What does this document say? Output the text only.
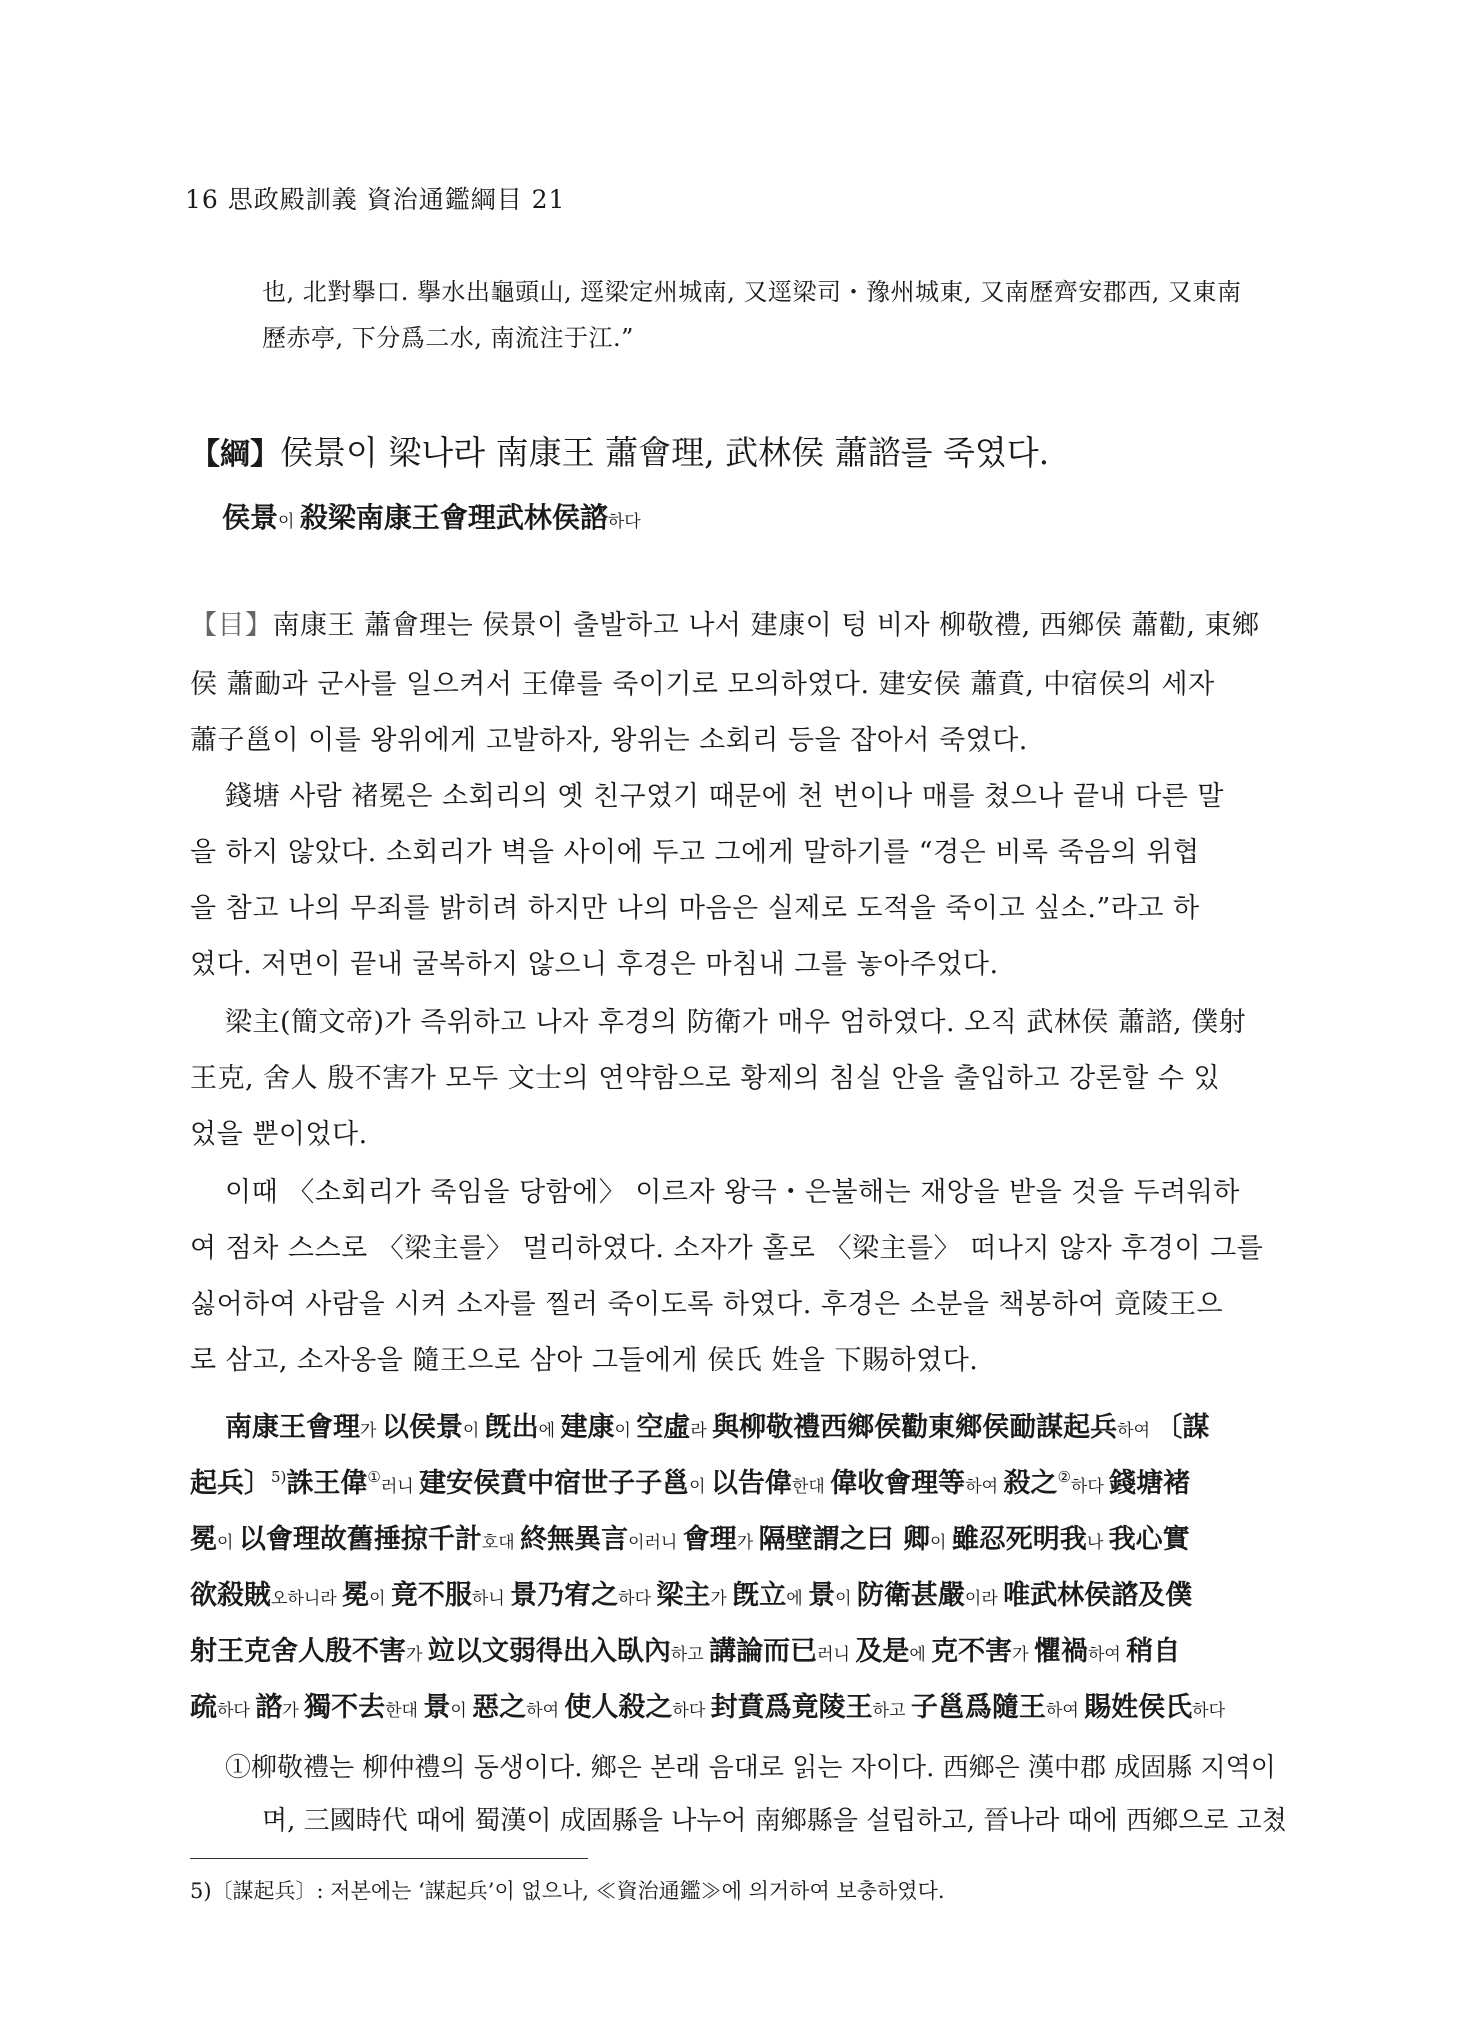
16 思政殿訓義 資治通鑑綱目 21
也, 北對擧口. 擧水出龜頭山, 逕梁定州城南, 又逕梁司・豫州城東, 又南歷齊安郡西, 又東南
歷赤亭, 下分爲二水, 南流注于江.”
【綱】侯景이 梁나라 南康王 蕭會理, 武林侯 蕭諮를 죽였다.
侯景이 殺梁南康王會理武林侯諮하다
【目】南康王 蕭會理는 侯景이 출발하고 나서 建康이 텅 비자 柳敬禮, 西鄉侯 蕭勸, 東鄉
侯 蕭勔과 군사를 일으켜서 王偉를 죽이기로 모의하였다. 建安侯 蕭賁, 中宿侯의 세자
蕭子邕이 이를 왕위에게 고발하자, 왕위는 소회리 등을 잡아서 죽였다.
錢塘 사람 褚冕은 소회리의 옛 친구였기 때문에 천 번이나 매를 쳤으나 끝내 다른 말
을 하지 않았다. 소회리가 벽을 사이에 두고 그에게 말하기를 “경은 비록 죽음의 위협
을 참고 나의 무죄를 밝히려 하지만 나의 마음은 실제로 도적을 죽이고 싶소.”라고 하
였다. 저면이 끝내 굴복하지 않으니 후경은 마침내 그를 놓아주었다.
梁主(簡文帝)가 즉위하고 나자 후경의 防衛가 매우 엄하였다. 오직 武林侯 蕭諮, 僕射
王克, 舍人 殷不害가 모두 文士의 연약함으로 황제의 침실 안을 출입하고 강론할 수 있
었을 뿐이었다.
이때 〈소회리가 죽임을 당함에〉 이르자 왕극・은불해는 재앙을 받을 것을 두려워하
여 점차 스스로 〈梁主를〉 멀리하였다. 소자가 홀로 〈梁主를〉 떠나지 않자 후경이 그를
싫어하여 사람을 시켜 소자를 찔러 죽이도록 하였다. 후경은 소분을 책봉하여 竟陵王으
로 삼고, 소자옹을 隨王으로 삼아 그들에게 侯氏 姓을 下賜하였다.
南康王會理가 以侯景이 旣出에 建康이 空虛라 與柳敬禮西鄉侯勸東鄉侯勔謀起兵하여 〔謀
起兵〕$^{5)}$誅王偉①러니 建安侯賁中宿世子子邕이 以告偉한대 偉收會理等하여 殺之②하다 錢塘褚
冕이 以會理故舊捶掠千計호대 終無異言이러니 會理가 隔壁謂之曰 卿이 雖忍死明我나 我心實
欲殺賊오하니라 冕이 竟不服하니 景乃宥之하다 梁主가 旣立에 景이 防衛甚嚴이라 唯武林侯諮及僕
射王克舍人殷不害가 竝以文弱得出入臥內하고 講論而已러니 及是에 克不害가 懼禍하여 稍自
疏하다 諮가 獨不去한대 景이 惡之하여 使人殺之하다 封賁爲竟陵王하고 子邕爲隨王하여 賜姓侯氏하다
①柳敬禮는 柳仲禮의 동생이다. 鄉은 본래 음대로 읽는 자이다. 西鄉은 漢中郡 成固縣 지역이
며, 三國時代 때에 蜀漢이 成固縣을 나누어 南鄉縣을 설립하고, 晉나라 때에 西鄉으로 고쳤
5)〔謀起兵〕: 저본에는 ‘謀起兵’이 없으나, ≪資治通鑑≫에 의거하여 보충하였다.
